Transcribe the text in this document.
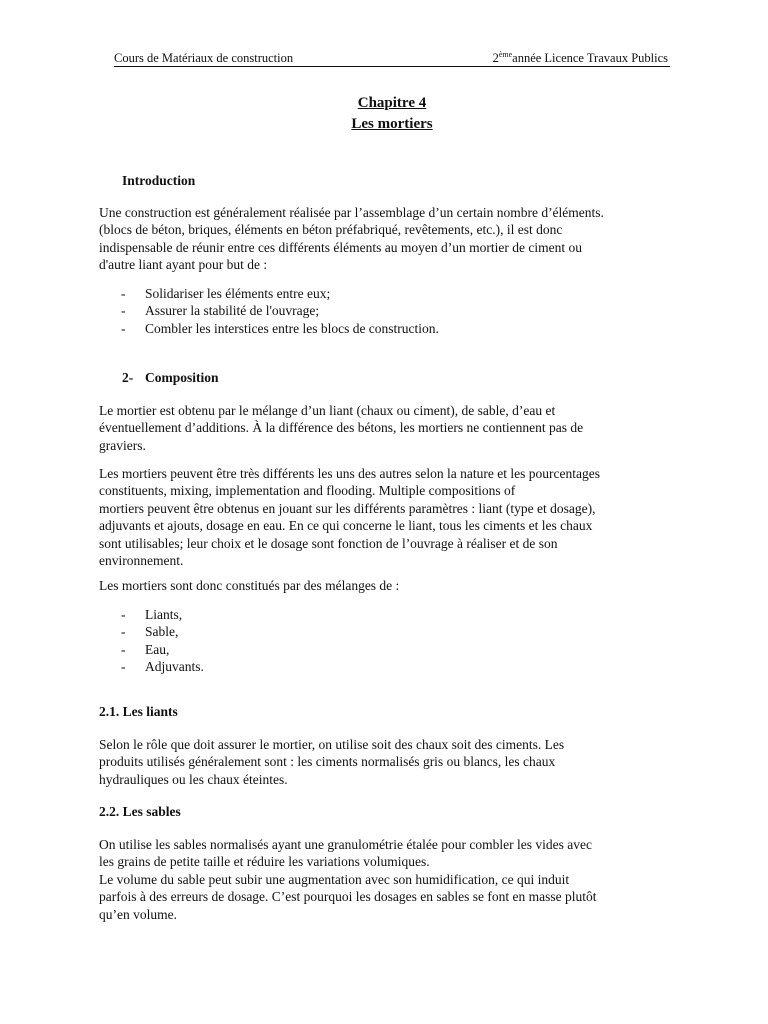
Cours de Matériaux de construction	2èmeannée Licence Travaux Publics
Chapitre 4
Les mortiers
Introduction
Une construction est généralement réalisée par l’assemblage d’un certain nombre d’éléments.
(blocs de béton, briques, éléments en béton préfabriqué, revêtements, etc.), il est donc
indispensable de réunir entre ces différents éléments au moyen d’un mortier de ciment ou
d'autre liant ayant pour but de :
- Solidariser les éléments entre eux;
- Assurer la stabilité de l'ouvrage;
- Combler les interstices entre les blocs de construction.
2- Composition
Le mortier est obtenu par le mélange d’un liant (chaux ou ciment), de sable, d’eau et
éventuellement d’additions. À la différence des bétons, les mortiers ne contiennent pas de
graviers.
Les mortiers peuvent être très différents les uns des autres selon la nature et les pourcentages
constituents, mixing, implementation and flooding. Multiple compositions of
mortiers peuvent être obtenus en jouant sur les différents paramètres : liant (type et dosage),
adjuvants et ajouts, dosage en eau. En ce qui concerne le liant, tous les ciments et les chaux
sont utilisables; leur choix et le dosage sont fonction de l’ouvrage à réaliser et de son
environnement.
Les mortiers sont donc constitués par des mélanges de :
- Liants,
- Sable,
- Eau,
- Adjuvants.
2.1. Les liants
Selon le rôle que doit assurer le mortier, on utilise soit des chaux soit des ciments. Les
produits utilisés généralement sont : les ciments normalisés gris ou blancs, les chaux
hydrauliques ou les chaux éteintes.
2.2. Les sables
On utilise les sables normalisés ayant une granulométrie étalée pour combler les vides avec
les grains de petite taille et réduire les variations volumiques.
Le volume du sable peut subir une augmentation avec son humidification, ce qui induit
parfois à des erreurs de dosage. C’est pourquoi les dosages en sables se font en masse plutôt
qu’en volume.
